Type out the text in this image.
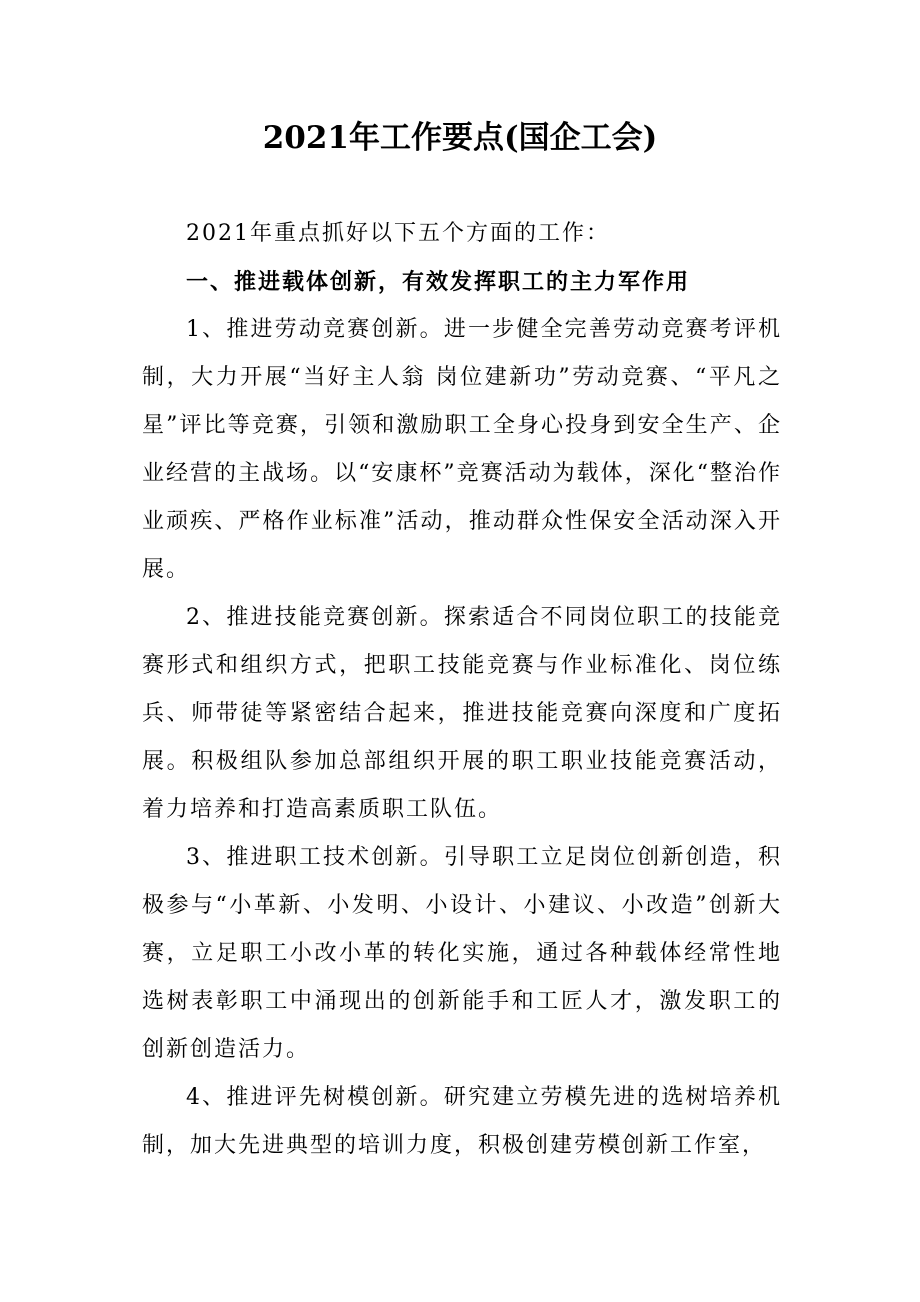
2021年工作要点(国企工会)

2021年重点抓好以下五个方面的工作：

一、推进载体创新，有效发挥职工的主力军作用

1、推进劳动竞赛创新。进一步健全完善劳动竞赛考评机制，大力开展“当好主人翁 岗位建新功”劳动竞赛、“平凡之星”评比等竞赛，引领和激励职工全身心投身到安全生产、企业经营的主战场。以“安康杯”竞赛活动为载体，深化“整治作业顽疾、严格作业标准”活动，推动群众性保安全活动深入开展。

2、推进技能竞赛创新。探索适合不同岗位职工的技能竞赛形式和组织方式，把职工技能竞赛与作业标准化、岗位练兵、师带徒等紧密结合起来，推进技能竞赛向深度和广度拓展。积极组队参加总部组织开展的职工职业技能竞赛活动，着力培养和打造高素质职工队伍。

3、推进职工技术创新。引导职工立足岗位创新创造，积极参与“小革新、小发明、小设计、小建议、小改造”创新大赛，立足职工小改小革的转化实施，通过各种载体经常性地选树表彰职工中涌现出的创新能手和工匠人才，激发职工的创新创造活力。

4、推进评先树模创新。研究建立劳模先进的选树培养机制，加大先进典型的培训力度，积极创建劳模创新工作室，
